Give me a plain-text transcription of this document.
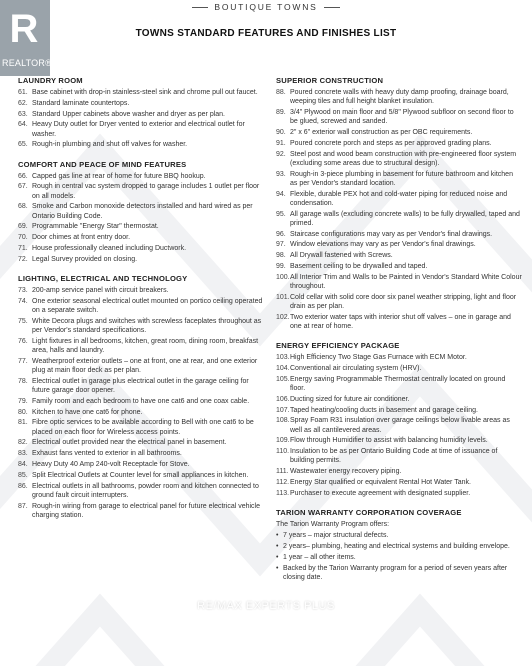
R
REALTOR®
BOUTIQUE TOWNS
TOWNS STANDARD FEATURES AND FINISHES LIST
LAUNDRY ROOM
61. Base cabinet with drop-in stainless-steel sink and chrome pull out faucet.
62. Standard laminate countertops.
63. Standard Upper cabinets above washer and dryer as per plan.
64. Heavy Duty outlet for Dryer vented to exterior and electrical outlet for washer.
65. Rough-in plumbing and shut off valves for washer.
COMFORT AND PEACE OF MIND FEATURES
66. Capped gas line at rear of home for future BBQ hookup.
67. Rough in central vac system dropped to garage includes 1 outlet per floor on all models.
68. Smoke and Carbon monoxide detectors installed and hard wired as per Ontario Building Code.
69. Programmable "Energy Star" thermostat.
70. Door chimes at front entry door.
71. House professionally cleaned including Ductwork.
72. Legal Survey provided on closing.
LIGHTING, ELECTRICAL AND TECHNOLOGY
73. 200-amp service panel with circuit breakers.
74. One exterior seasonal electrical outlet mounted on portico ceiling operated on a separate switch.
75. White Decora plugs and switches with screwless faceplates throughout as per Vendor's standard specifications.
76. Light fixtures in all bedrooms, kitchen, great room, dining room, breakfast area, halls and laundry.
77. Weatherproof exterior outlets – one at front, one at rear, and one exterior plug at main floor deck as per plan.
78. Electrical outlet in garage plus electrical outlet in the garage ceiling for future garage door opener.
79. Family room and each bedroom to have one cat6 and one coax cable.
80. Kitchen to have one cat6 for phone.
81. Fibre optic services to be available according to Bell with one cat6 to be placed on each floor for Wireless access points.
82. Electrical outlet provided near the electrical panel in basement.
83. Exhaust fans vented to exterior in all bathrooms.
84. Heavy Duty 40 Amp 240-volt Receptacle for Stove.
85. Split Electrical Outlets at Counter level for small appliances in kitchen.
86. Electrical outlets in all bathrooms, powder room and kitchen connected to ground fault circuit interrupters.
87. Rough-in wiring from garage to electrical panel for future electrical vehicle charging station.
SUPERIOR CONSTRUCTION
88. Poured concrete walls with heavy duty damp proofing, drainage board, weeping tiles and full height blanket insulation.
89. 3/4" Plywood on main floor and 5/8" Plywood subfloor on second floor to be glued, screwed and sanded.
90. 2" x 6" exterior wall construction as per OBC requirements.
91. Poured concrete porch and steps as per approved grading plans.
92. Steel post and wood beam construction with pre-engineered floor system (excluding some areas due to structural design).
93. Rough-in 3-piece plumbing in basement for future bathroom and kitchen as per Vendor's standard location.
94. Flexible, durable PEX hot and cold-water piping for reduced noise and condensation.
95. All garage walls (excluding concrete walls) to be fully drywalled, taped and primed.
96. Staircase configurations may vary as per Vendor's final drawings.
97. Window elevations may vary as per Vendor's final drawings.
98. All Drywall fastened with Screws.
99. Basement ceiling to be drywalled and taped.
100. All Interior Trim and Walls to be Painted in Vendor's Standard White Colour throughout.
101. Cold cellar with solid core door six panel weather stripping, light and floor drain as per plan.
102. Two exterior water taps with interior shut off valves – one in garage and one at rear of home.
ENERGY EFFICIENCY PACKAGE
103. High Efficiency Two Stage Gas Furnace with ECM Motor.
104. Conventional air circulating system (HRV).
105. Energy saving Programmable Thermostat centrally located on ground floor.
106. Ducting sized for future air conditioner.
107. Taped heating/cooling ducts in basement and garage ceiling.
108. Spray Foam R31 insulation over garage ceilings below livable areas as well as all cantilevered areas.
109. Flow through Humidifier to assist with balancing humidity levels.
110. Insulation to be as per Ontario Building Code at time of issuance of building permits.
111. Wastewater energy recovery piping.
112. Energy Star qualified or equivalent Rental Hot Water Tank.
113. Purchaser to execute agreement with designated supplier.
TARION WARRANTY CORPORATION COVERAGE
The Tarion Warranty Program offers:
• 7 years – major structural defects.
• 2 years– plumbing, heating and electrical systems and building envelope.
• 1 year – all other items.
• Backed by the Tarion Warranty program for a period of seven years after closing date.
RE/MAX EXPERTS PLUS
